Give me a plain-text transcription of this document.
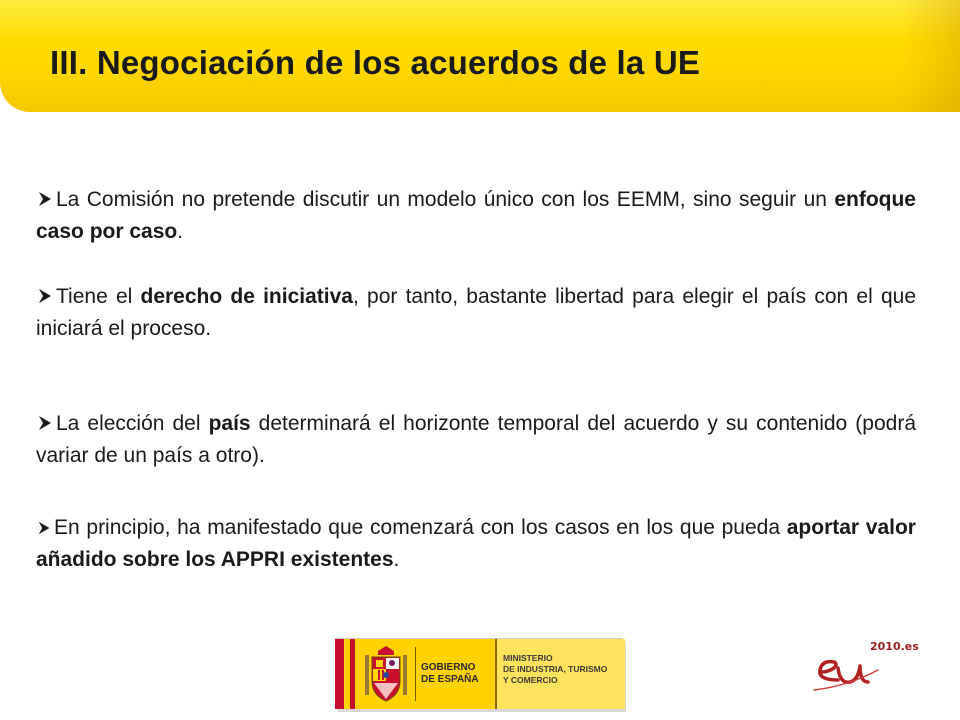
III. Negociación de los acuerdos de la UE
La Comisión no pretende discutir un modelo único con los EEMM, sino seguir un enfoque caso por caso.
Tiene el derecho de iniciativa, por tanto, bastante libertad para elegir el país con el que iniciará el proceso.
La elección del país determinará el horizonte temporal del acuerdo y su contenido (podrá variar de un país a otro).
En principio, ha manifestado que comenzará con los casos en los que pueda aportar valor añadido sobre los APPRI existentes.
GOBIERNO
DE ESPAÑA
MINISTERIO
DE INDUSTRIA, TURISMO
Y COMERCIO
2010.es
